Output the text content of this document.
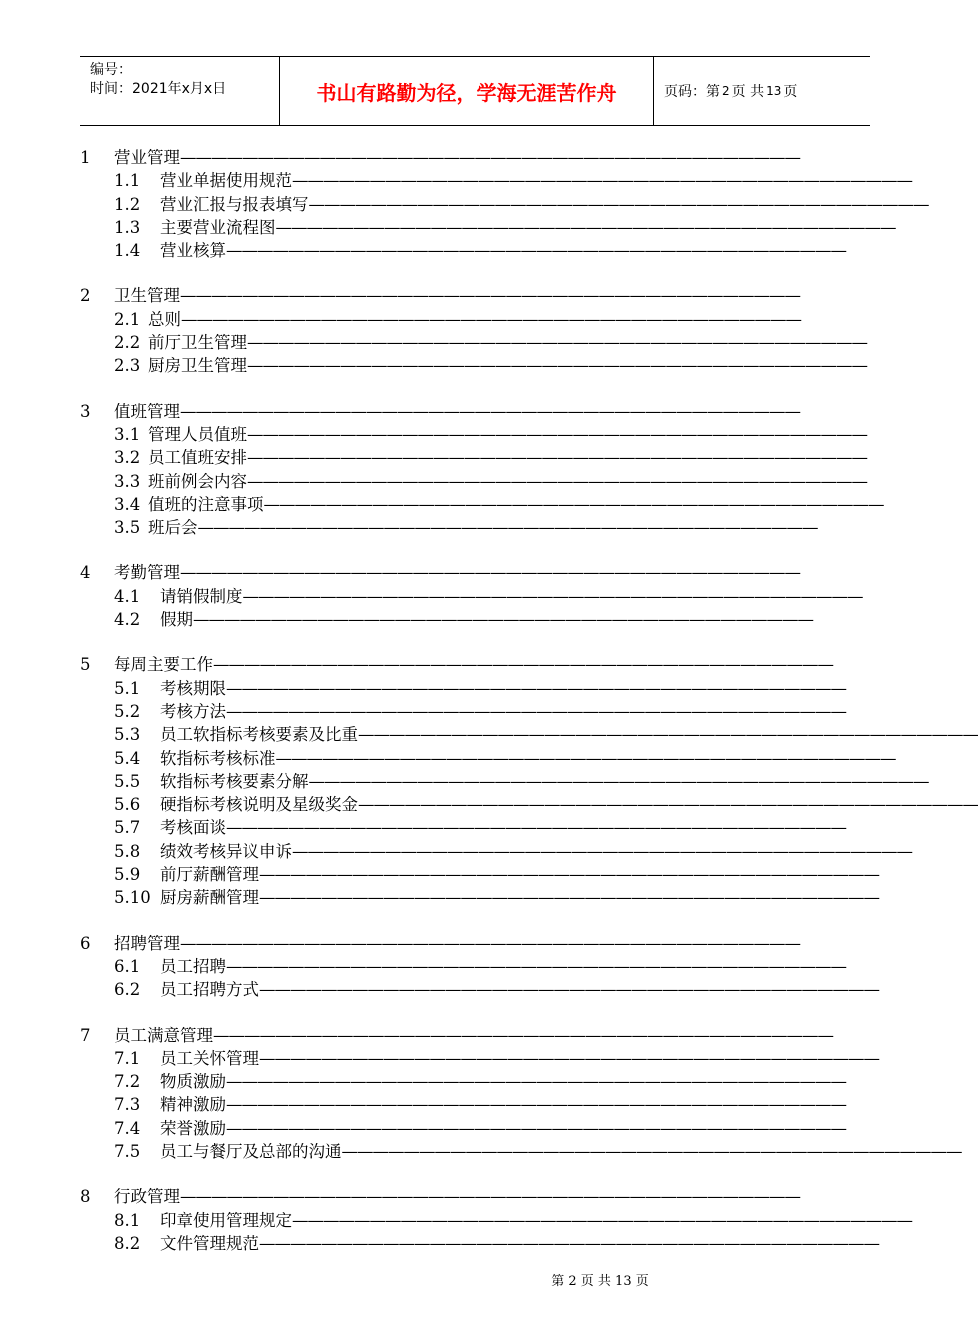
编号：
时间：2021年x月x日	书山有路勤为径，学海无涯苦作舟	页码：第 2 页 共 13 页
1 营业管理————————————————————————————————————————
1.1 营业单据使用规范————————————————————————————————————————
1.2 营业汇报与报表填写————————————————————————————————————————
1.3 主要营业流程图————————————————————————————————————————
1.4 营业核算————————————————————————————————————————
2 卫生管理————————————————————————————————————————
2.1 总则————————————————————————————————————————
2.2 前厅卫生管理————————————————————————————————————————
2.3 厨房卫生管理————————————————————————————————————————
3 值班管理————————————————————————————————————————
3.1 管理人员值班————————————————————————————————————————
3.2 员工值班安排————————————————————————————————————————
3.3 班前例会内容————————————————————————————————————————
3.4 值班的注意事项————————————————————————————————————————
3.5 班后会————————————————————————————————————————
4 考勤管理————————————————————————————————————————
4.1 请销假制度————————————————————————————————————————
4.2 假期————————————————————————————————————————
5 每周主要工作————————————————————————————————————————
5.1 考核期限————————————————————————————————————————
5.2 考核方法————————————————————————————————————————
5.3 员工软指标考核要素及比重————————————————————————————————————————
5.4 软指标考核标准————————————————————————————————————————
5.5 软指标考核要素分解————————————————————————————————————————
5.6 硬指标考核说明及星级奖金————————————————————————————————————————
5.7 考核面谈————————————————————————————————————————
5.8 绩效考核异议申诉————————————————————————————————————————
5.9 前厅薪酬管理————————————————————————————————————————
5.10 厨房薪酬管理————————————————————————————————————————
6 招聘管理————————————————————————————————————————
6.1 员工招聘————————————————————————————————————————
6.2 员工招聘方式————————————————————————————————————————
7 员工满意管理————————————————————————————————————————
7.1 员工关怀管理————————————————————————————————————————
7.2 物质激励————————————————————————————————————————
7.3 精神激励————————————————————————————————————————
7.4 荣誉激励————————————————————————————————————————
7.5 员工与餐厅及总部的沟通————————————————————————————————————————
8 行政管理————————————————————————————————————————
8.1 印章使用管理规定————————————————————————————————————————
8.2 文件管理规范————————————————————————————————————————
第 2 页 共 13 页
